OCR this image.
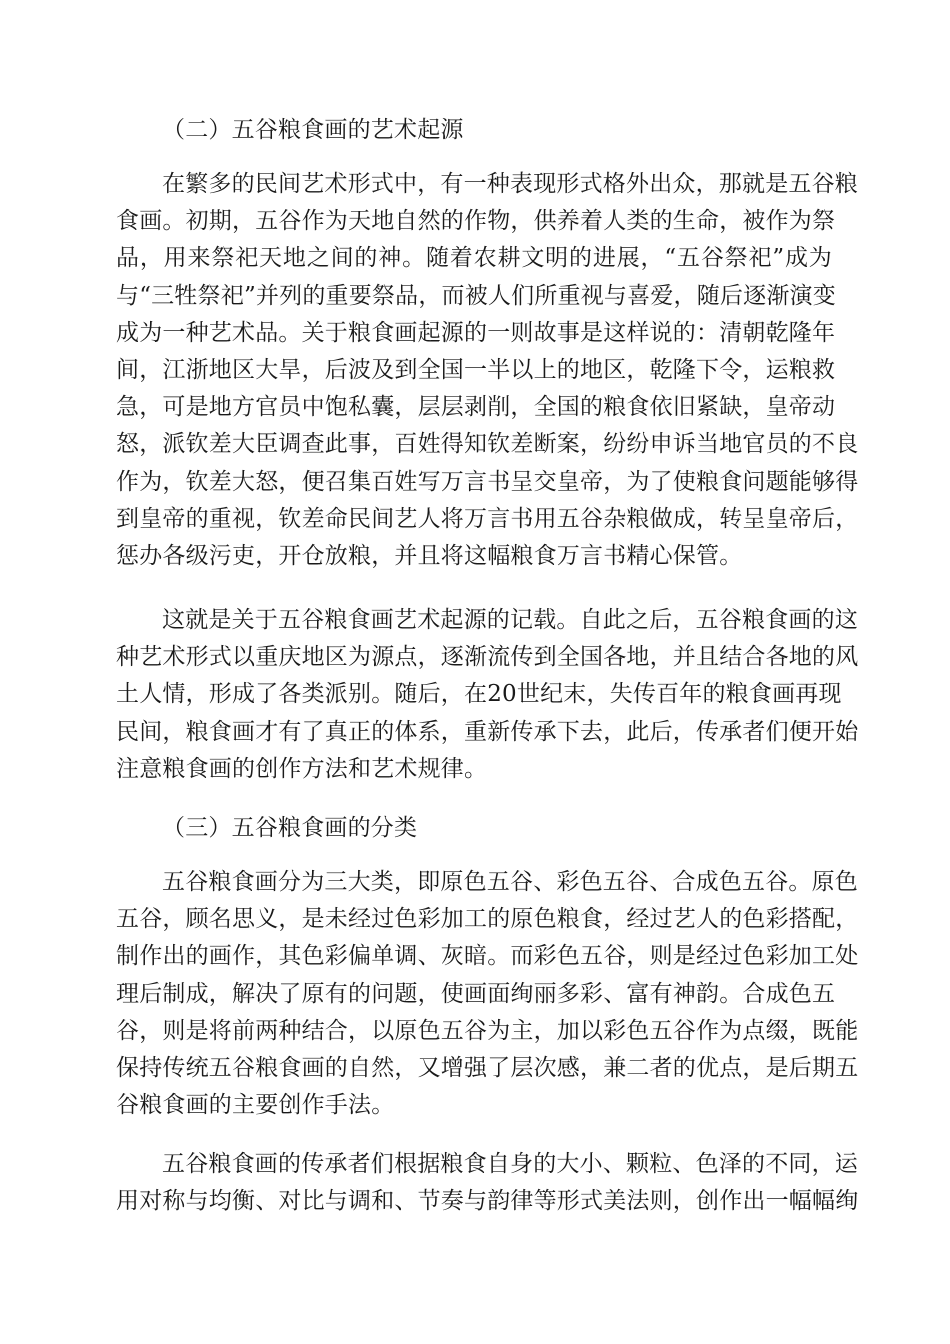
（二）五谷粮食画的艺术起源

在繁多的民间艺术形式中，有一种表现形式格外出众，那就是五谷粮
食画。初期，五谷作为天地自然的作物，供养着人类的生命，被作为祭
品，用来祭祀天地之间的神。随着农耕文明的进展，“五谷祭祀”成为
与“三牲祭祀”并列的重要祭品，而被人们所重视与喜爱，随后逐渐演变
成为一种艺术品。关于粮食画起源的一则故事是这样说的：清朝乾隆年
间，江浙地区大旱，后波及到全国一半以上的地区，乾隆下令，运粮救
急，可是地方官员中饱私囊，层层剥削，全国的粮食依旧紧缺，皇帝动
怒，派钦差大臣调查此事，百姓得知钦差断案，纷纷申诉当地官员的不良
作为，钦差大怒，便召集百姓写万言书呈交皇帝，为了使粮食问题能够得
到皇帝的重视，钦差命民间艺人将万言书用五谷杂粮做成，转呈皇帝后，
惩办各级污吏，开仓放粮，并且将这幅粮食万言书精心保管。
这就是关于五谷粮食画艺术起源的记载。自此之后，五谷粮食画的这
种艺术形式以重庆地区为源点，逐渐流传到全国各地，并且结合各地的风
土人情，形成了各类派别。随后，在20世纪末，失传百年的粮食画再现
民间，粮食画才有了真正的体系，重新传承下去，此后，传承者们便开始
注意粮食画的创作方法和艺术规律。

（三）五谷粮食画的分类

五谷粮食画分为三大类，即原色五谷、彩色五谷、合成色五谷。原色
五谷，顾名思义，是未经过色彩加工的原色粮食，经过艺人的色彩搭配，
制作出的画作，其色彩偏单调、灰暗。而彩色五谷，则是经过色彩加工处
理后制成，解决了原有的问题，使画面绚丽多彩、富有神韵。合成色五
谷，则是将前两种结合，以原色五谷为主，加以彩色五谷作为点缀，既能
保持传统五谷粮食画的自然，又增强了层次感，兼二者的优点，是后期五
谷粮食画的主要创作手法。
五谷粮食画的传承者们根据粮食自身的大小、颗粒、色泽的不同，运
用对称与均衡、对比与调和、节奏与韵律等形式美法则，创作出一幅幅绚
